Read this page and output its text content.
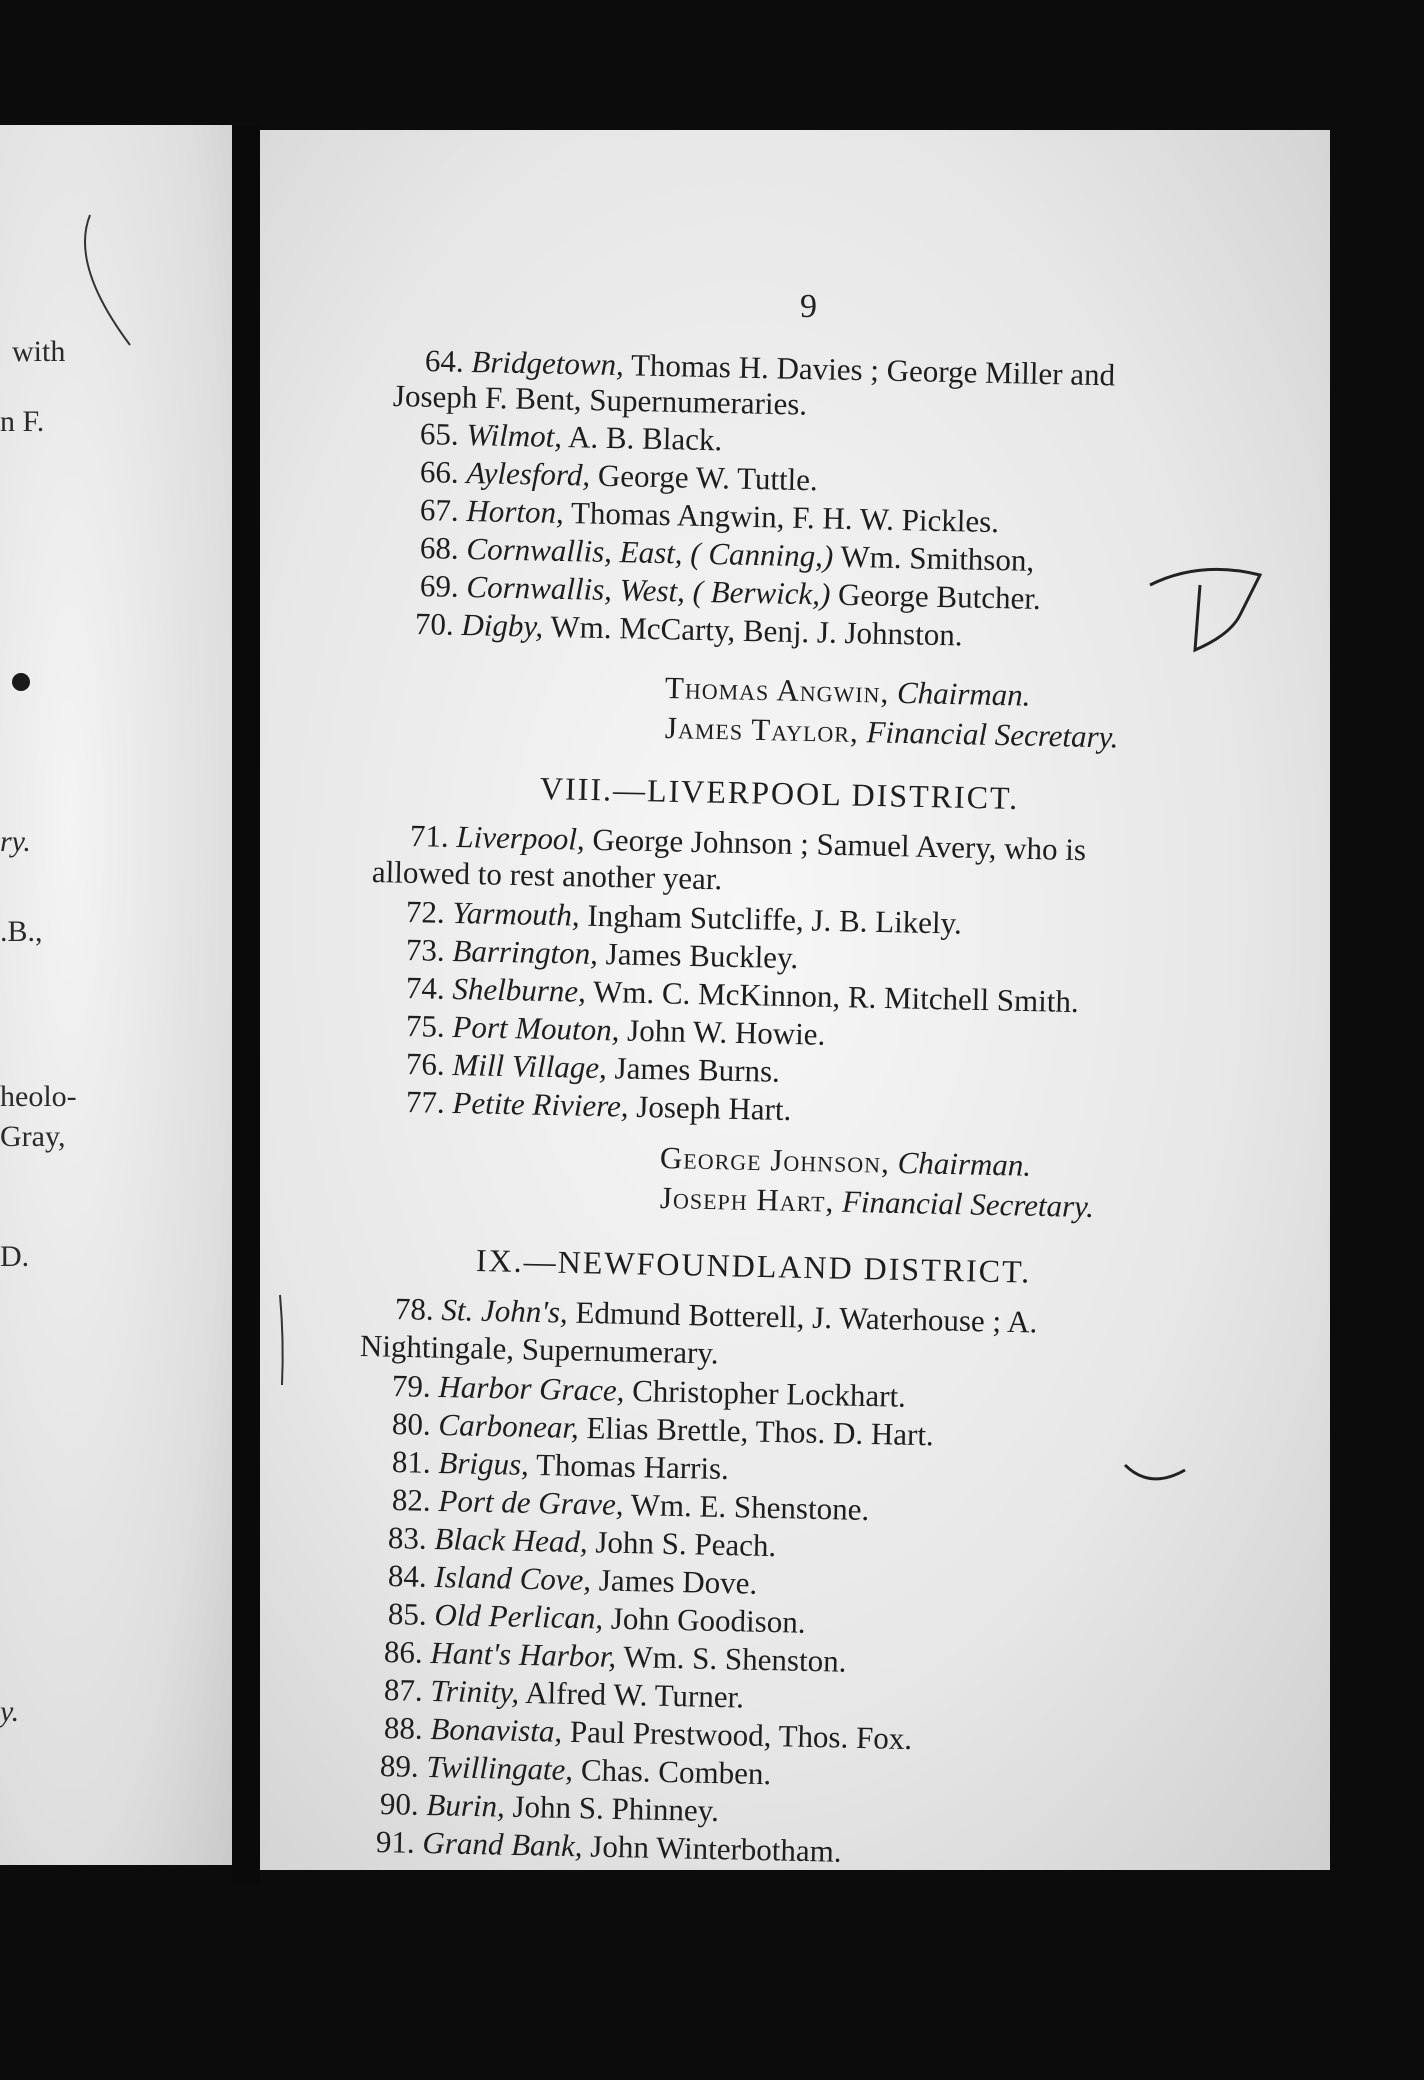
with
n F.
ry.
.B.,
heolo-
Gray,
D.
y.
9
64. Bridgetown, Thomas H. Davies ; George Miller and
Joseph F. Bent, Supernumeraries.
65. Wilmot, A. B. Black.
66. Aylesford, George W. Tuttle.
67. Horton, Thomas Angwin, F. H. W. Pickles.
68. Cornwallis, East, ( Canning,) Wm. Smithson,
69. Cornwallis, West, ( Berwick,) George Butcher.
70. Digby, Wm. McCarty, Benj. J. Johnston.
Thomas Angwin, Chairman.
James Taylor, Financial Secretary.
VIII.—LIVERPOOL DISTRICT.
71. Liverpool, George Johnson ; Samuel Avery, who is
allowed to rest another year.
72. Yarmouth, Ingham Sutcliffe, J. B. Likely.
73. Barrington, James Buckley.
74. Shelburne, Wm. C. McKinnon, R. Mitchell Smith.
75. Port Mouton, John W. Howie.
76. Mill Village, James Burns.
77. Petite Riviere, Joseph Hart.
George Johnson, Chairman.
Joseph Hart, Financial Secretary.
IX.—NEWFOUNDLAND DISTRICT.
78. St. John's, Edmund Botterell, J. Waterhouse ; A.
Nightingale, Supernumerary.
79. Harbor Grace, Christopher Lockhart.
80. Carbonear, Elias Brettle, Thos. D. Hart.
81. Brigus, Thomas Harris.
82. Port de Grave, Wm. E. Shenstone.
83. Black Head, John S. Peach.
84. Island Cove, James Dove.
85. Old Perlican, John Goodison.
86. Hant's Harbor, Wm. S. Shenston.
87. Trinity, Alfred W. Turner.
88. Bonavista, Paul Prestwood, Thos. Fox.
89. Twillingate, Chas. Comben.
90. Burin, John S. Phinney.
91. Grand Bank, John Winterbotham.
